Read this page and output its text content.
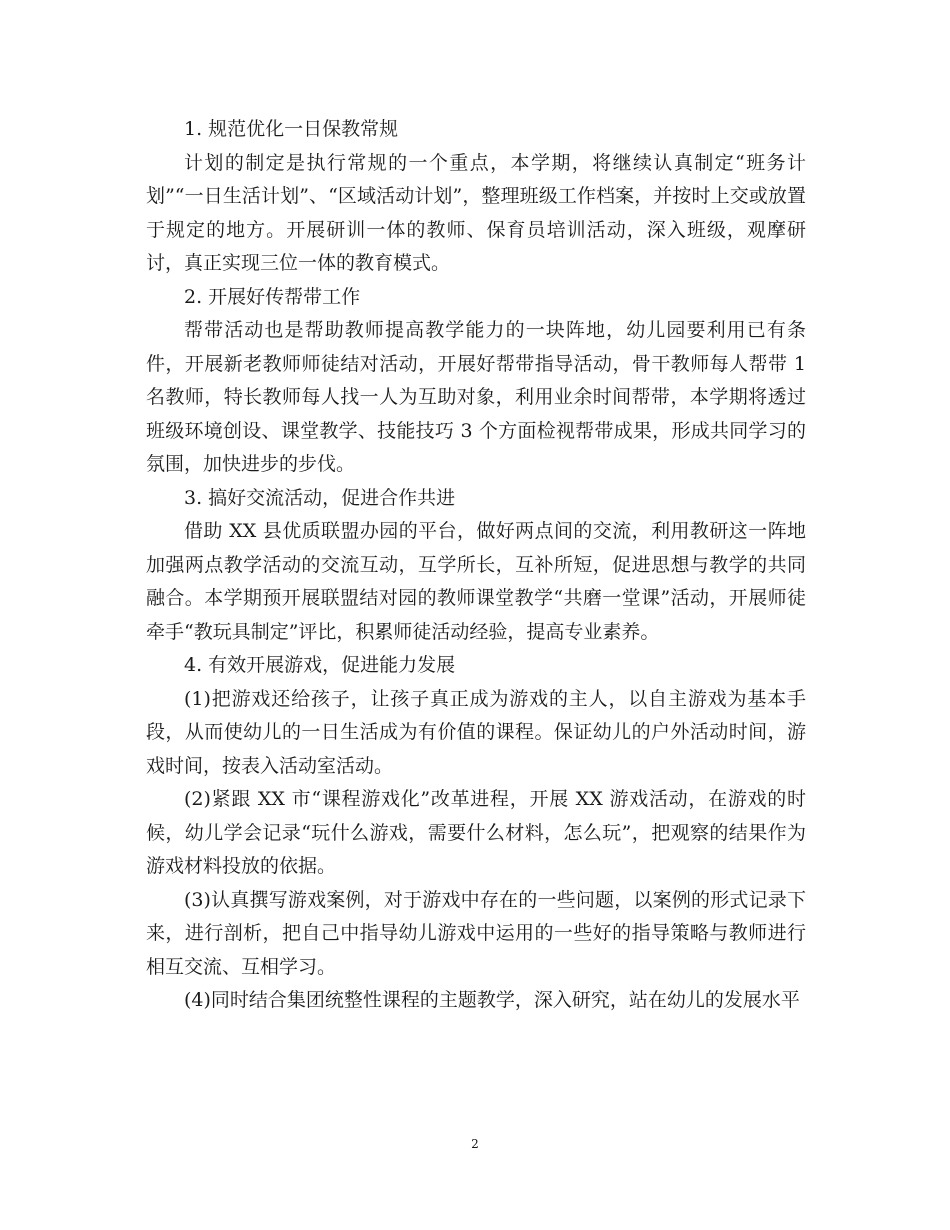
1. 规范优化一日保教常规

计划的制定是执行常规的一个重点，本学期，将继续认真制定“班务计划”“一日生活计划”、“区域活动计划”，整理班级工作档案，并按时上交或放置于规定的地方。开展研训一体的教师、保育员培训活动，深入班级，观摩研讨，真正实现三位一体的教育模式。

2. 开展好传帮带工作

帮带活动也是帮助教师提高教学能力的一块阵地，幼儿园要利用已有条件，开展新老教师师徒结对活动，开展好帮带指导活动，骨干教师每人帮带 1 名教师，特长教师每人找一人为互助对象，利用业余时间帮带，本学期将透过班级环境创设、课堂教学、技能技巧 3 个方面检视帮带成果，形成共同学习的氛围，加快进步的步伐。

3. 搞好交流活动，促进合作共进

借助 XX 县优质联盟办园的平台，做好两点间的交流，利用教研这一阵地加强两点教学活动的交流互动，互学所长，互补所短，促进思想与教学的共同融合。本学期预开展联盟结对园的教师课堂教学“共磨一堂课”活动，开展师徒牵手“教玩具制定”评比，积累师徒活动经验，提高专业素养。

4. 有效开展游戏，促进能力发展

(1)把游戏还给孩子，让孩子真正成为游戏的主人，以自主游戏为基本手段，从而使幼儿的一日生活成为有价值的课程。保证幼儿的户外活动时间，游戏时间，按表入活动室活动。

(2)紧跟 XX 市“课程游戏化”改革进程，开展 XX 游戏活动，在游戏的时候，幼儿学会记录“玩什么游戏，需要什么材料，怎么玩”，把观察的结果作为游戏材料投放的依据。

(3)认真撰写游戏案例，对于游戏中存在的一些问题，以案例的形式记录下来，进行剖析，把自己中指导幼儿游戏中运用的一些好的指导策略与教师进行相互交流、互相学习。

(4)同时结合集团统整性课程的主题教学，深入研究，站在幼儿的发展水平

2
